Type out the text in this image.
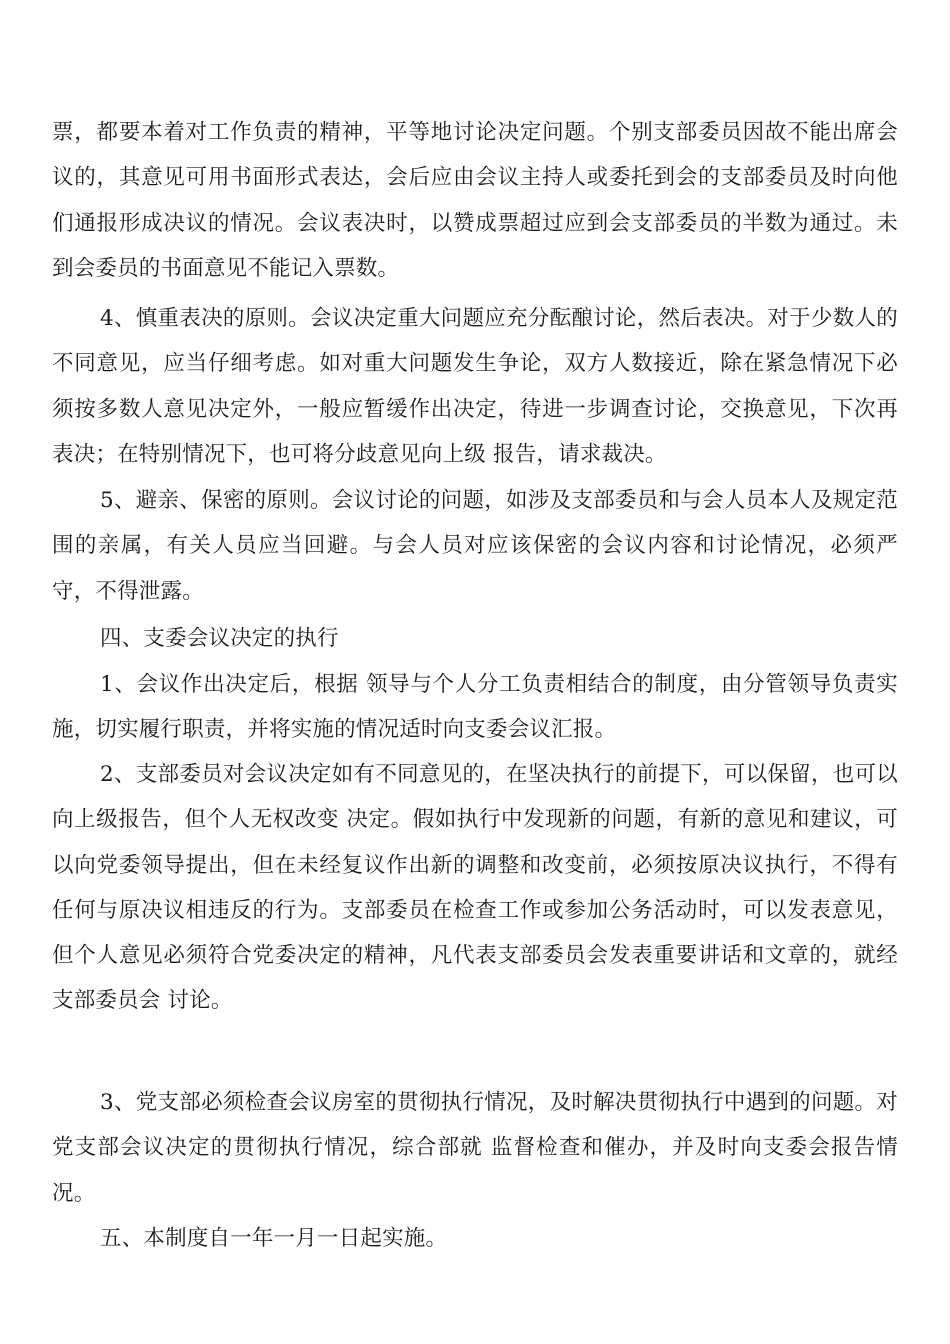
票，都要本着对工作负责的精神，平等地讨论决定问题。个别支部委员因故不能出席会议的，其意见可用书面形式表达，会后应由会议主持人或委托到会的支部委员及时向他们通报形成决议的情况。会议表决时，以赞成票超过应到会支部委员的半数为通过。未到会委员的书面意见不能记入票数。

4、慎重表决的原则。会议决定重大问题应充分酝酿讨论，然后表决。对于少数人的不同意见，应当仔细考虑。如对重大问题发生争论，双方人数接近，除在紧急情况下必须按多数人意见决定外，一般应暂缓作出决定，待进一步调查讨论，交换意见，下次再表决；在特别情况下，也可将分歧意见向上级 报告，请求裁决。

5、避亲、保密的原则。会议讨论的问题，如涉及支部委员和与会人员本人及规定范围的亲属，有关人员应当回避。与会人员对应该保密的会议内容和讨论情况，必须严守，不得泄露。

四、支委会议决定的执行

1、会议作出决定后，根据 领导与个人分工负责相结合的制度，由分管领导负责实施，切实履行职责，并将实施的情况适时向支委会议汇报。

2、支部委员对会议决定如有不同意见的，在坚决执行的前提下，可以保留，也可以向上级报告，但个人无权改变 决定。假如执行中发现新的问题，有新的意见和建议，可以向党委领导提出，但在未经复议作出新的调整和改变前，必须按原决议执行，不得有任何与原决议相违反的行为。支部委员在检查工作或参加公务活动时，可以发表意见，但个人意见必须符合党委决定的精神，凡代表支部委员会发表重要讲话和文章的，就经支部委员会 讨论。

3、党支部必须检查会议房室的贯彻执行情况，及时解决贯彻执行中遇到的问题。对党支部会议决定的贯彻执行情况，综合部就 监督检查和催办，并及时向支委会报告情况。

五、本制度自一年一月一日起实施。
